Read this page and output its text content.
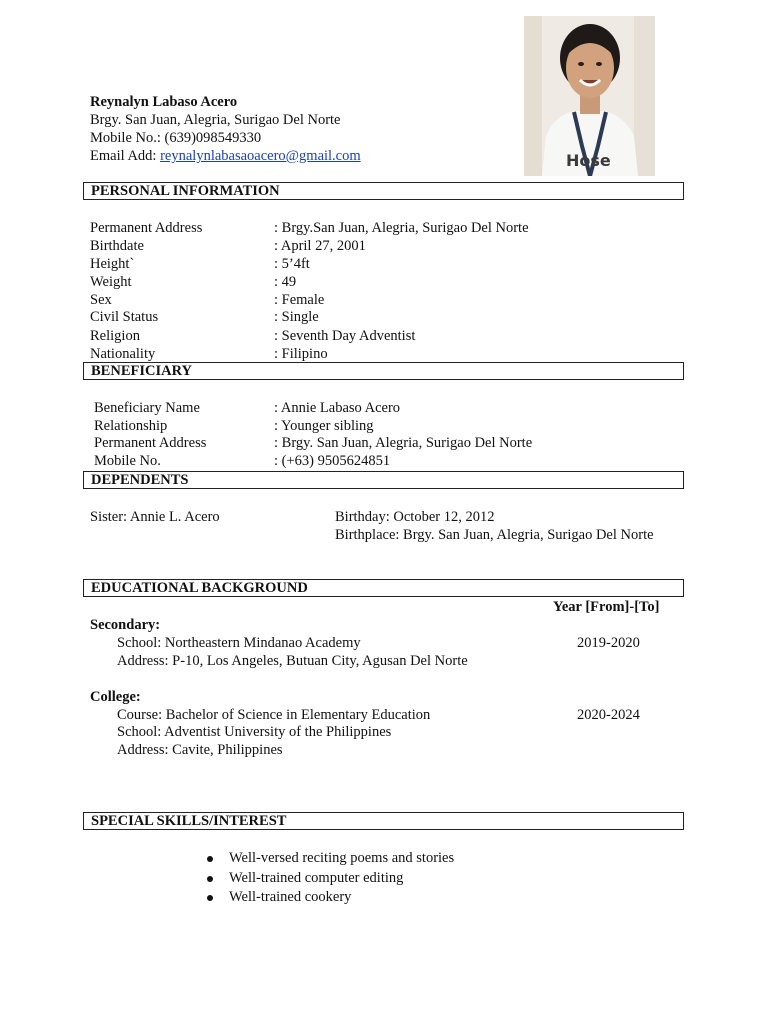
Reynalyn Labaso Acero
Brgy. San Juan, Alegria, Surigao Del Norte
Mobile No.: (639)098549330
Email Add: reynalynlabasaoacero@gmail.com	Hose
PERSONAL INFORMATION
Permanent Address	: Brgy.San Juan, Alegria, Surigao Del Norte
Birthdate	: April 27, 2001
Height`	: 5’4ft
Weight	: 49
Sex	: Female
Civil Status	: Single
Religion	: Seventh Day Adventist
Nationality	: Filipino
BENEFICIARY
Beneficiary Name	: Annie Labaso Acero
Relationship	: Younger sibling
Permanent Address	: Brgy. San Juan, Alegria, Surigao Del Norte
Mobile No.	: (+63) 9505624851
DEPENDENTS
Sister: Annie L. Acero	Birthday: October 12, 2012
Birthplace: Brgy. San Juan, Alegria, Surigao Del Norte
EDUCATIONAL BACKGROUND
Year [From]-[To]
Secondary:
School: Northeastern Mindanao Academy	2019-2020
Address: P-10, Los Angeles, Butuan City, Agusan Del Norte
College:
Course: Bachelor of Science in Elementary Education	2020-2024
School: Adventist University of the Philippines
Address: Cavite, Philippines
SPECIAL SKILLS/INTEREST
Well-versed reciting poems and stories
Well-trained computer editing
Well-trained cookery
